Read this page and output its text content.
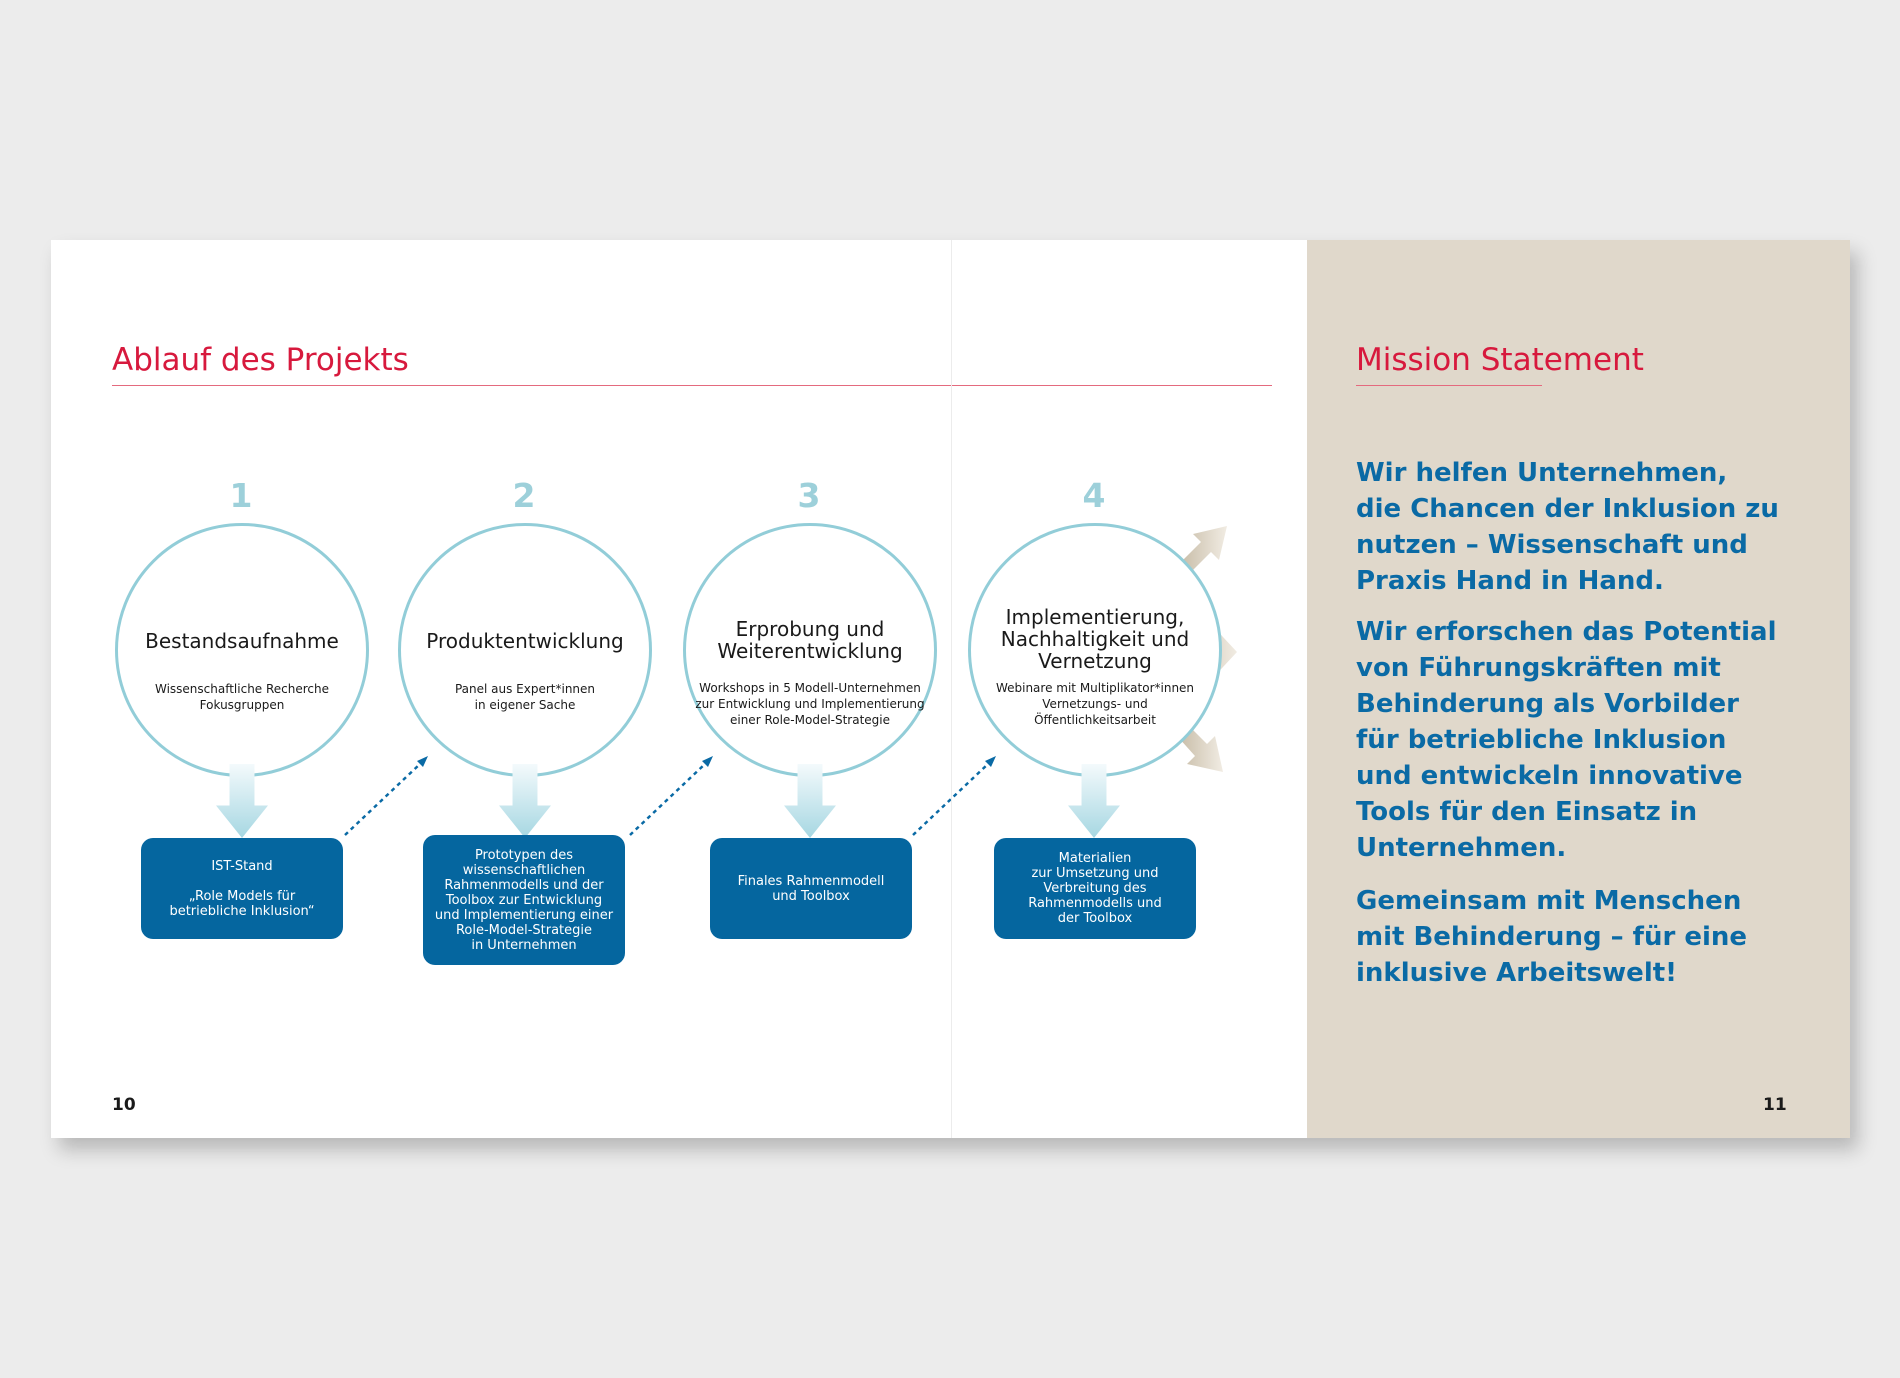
Ablauf des Projekts
1
Bestandsaufnahme
Wissenschaftliche Recherche
Fokusgruppen
IST-Stand

„Role Models für
betriebliche Inklusion“
2
Produktentwicklung
Panel aus Expert*innen
in eigener Sache
Prototypen des
wissenschaftlichen
Rahmenmodells und der
Toolbox zur Entwicklung
und Implementierung einer
Role-Model-Strategie
in Unternehmen
3
Erprobung und
Weiterentwicklung
Workshops in 5 Modell-Unternehmen
zur Entwicklung und Implementierung
einer Role-Model-Strategie
Finales Rahmenmodell
und Toolbox
4
Implementierung,
Nachhaltigkeit und
Vernetzung
Webinare mit Multiplikator*innen
Vernetzungs- und
Öffentlichkeitsarbeit
Materialien
zur Umsetzung und
Verbreitung des
Rahmenmodells und
der Toolbox
10
Mission Statement
Wir helfen Unternehmen,
die Chancen der Inklusion zu
nutzen – Wissenschaft und
Praxis Hand in Hand.
Wir erforschen das Potential
von Führungskräften mit
Behinderung als Vorbilder
für betriebliche Inklusion
und entwickeln innovative
Tools für den Einsatz in
Unternehmen.
Gemeinsam mit Menschen
mit Behinderung – für eine
inklusive Arbeitswelt!
11
